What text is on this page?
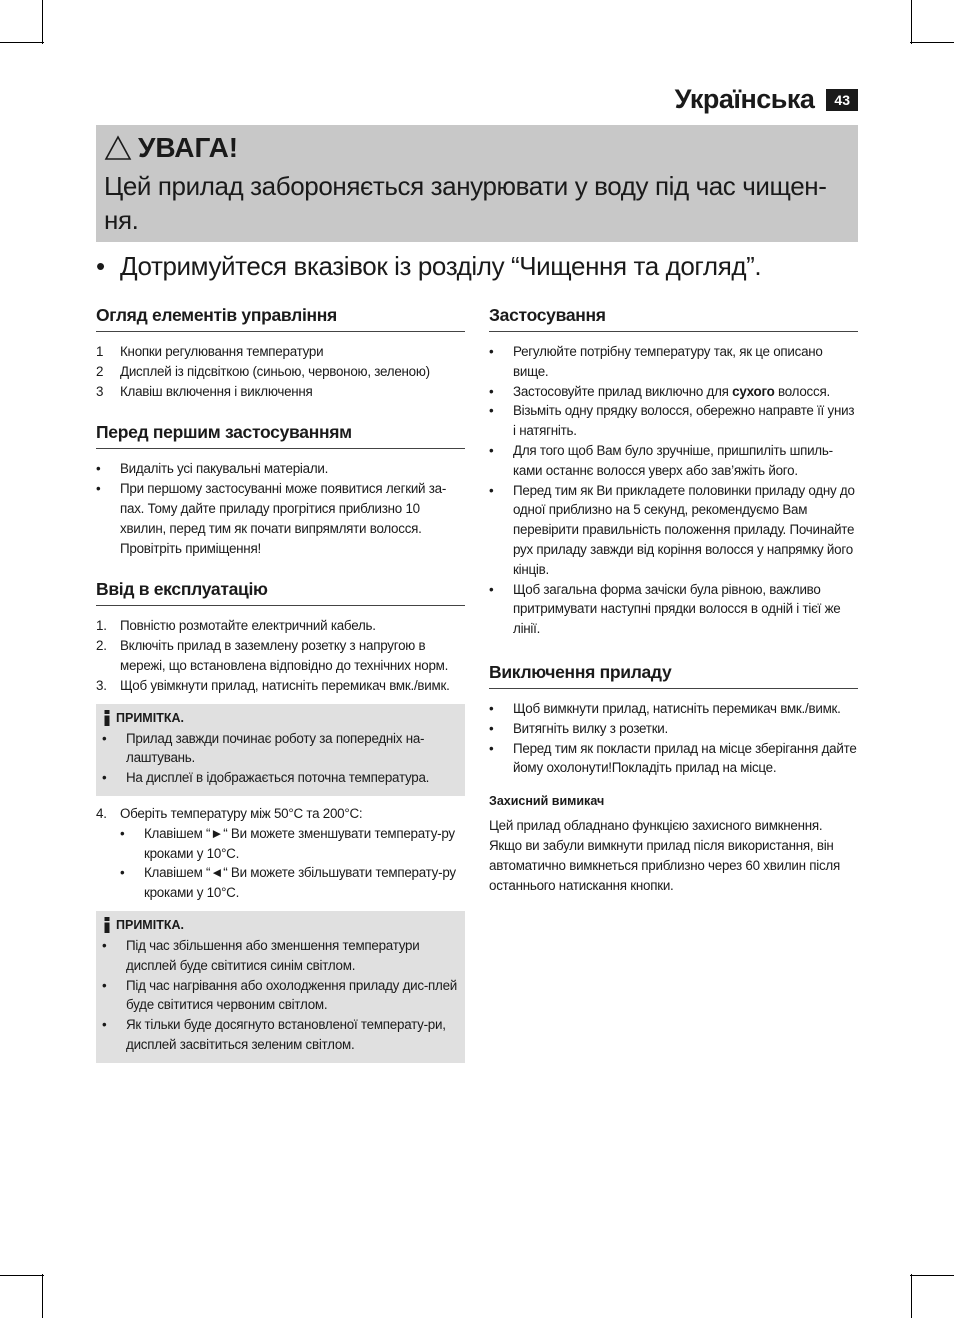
Українська	43
УВАГА!
Цей прилад забороняється занурювати у воду під час чищен-ня.
• Дотримуйтеся вказівок із розділу “Чищення та догляд”.
Огляд елементів управління
1	Кнопки регулювання температури
2	Дисплей із підсвіткою (синьою, червоною, зеленою)
3	Клавіш включення і виключення
Перед першим застосуванням
•	Видаліть усі пакувальні матеріали.
•	При першому застосуванні може появитися легкий за-пах. Тому дайте приладу прогрітися приблизно 10 хвилин, перед тим як почати випрямляти волосся. Провітріть приміщення!
Ввід в експлуатацію
1. Повністю розмотайте електричний кабель.
2. Включіть прилад в заземлену розетку з напругою в мережі, що встановлена відповідно до технічних норм.
3. Щоб увімкнути прилад, натисніть перемикач вмк./вимк.
ПРИМІТКА.
•	Прилад завжди починає роботу за попередніх на-лаштувань.
•	На дисплеї в ідображається поточна температура.
4. Оберіть температуру між 50°C та 200°C:
•	Клавішем “►“ Ви можете зменшувати температу-ру кроками у 10°C.
•	Клавішем “◄“ Ви можете збільшувати температу-ру кроками у 10°C.
ПРИМІТКА.
•	Під час збільшення або зменшення температури дисплей буде світитися синім світлом.
•	Під час нагрівання або охолодження приладу дис-плей буде світитися червоним світлом.
•	Як тільки буде досягнуто встановленої температу-ри, дисплей засвітиться зеленим світлом.
Застосування
•	Регулюйте потрібну температуру так, як це описано вище.
•	Застосовуйте прилад виключно для сухого волосся.
•	Візьміть одну прядку волосся, обережно направте її униз і натягніть.
•	Для того щоб Вам було зручніше, пришпиліть шпиль-ками останнє волосся уверх або зав’яжіть його.
•	Перед тим як Ви прикладете половинки приладу одну до одної приблизно на 5 секунд, рекомендуємо Вам перевірити правильність положення приладу. Починайте рух приладу завжди від коріння волосся у напрямку його кінців.
•	Щоб загальна форма зачіски була рівною, важливо притримувати наступні прядки волосся в одній і тієї же лінії.
Виключення приладу
•	Щоб вимкнути прилад, натисніть перемикач вмк./вимк.
•	Витягніть вилку з розетки.
•	Перед тим як покласти прилад на місце зберігання дайте йому охолонути!Покладіть прилад на місце.
Захисний вимикач
Цей прилад обладнано функцією захисного вимкнення. Якщо ви забули вимкнути прилад після використання, він автоматично вимкнеться приблизно через 60 хвилин після останнього натискання кнопки.
